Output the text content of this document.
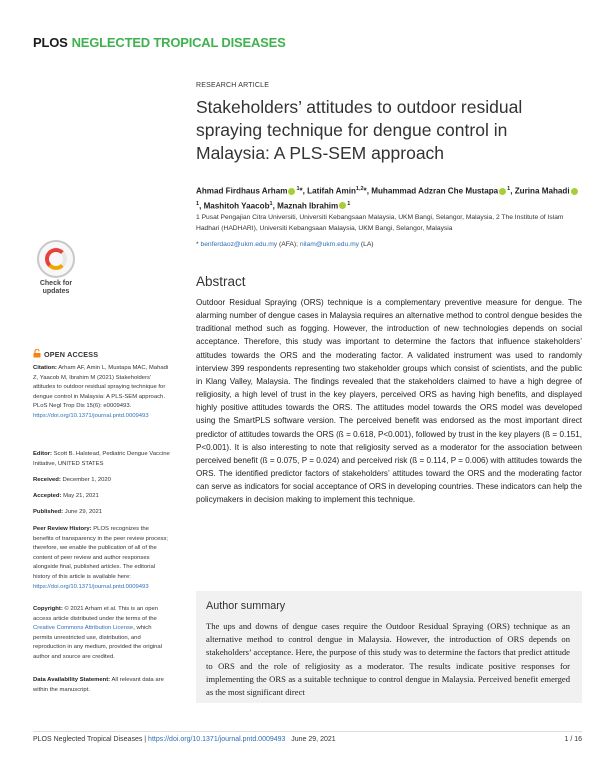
PLOS NEGLECTED TROPICAL DISEASES
RESEARCH ARTICLE
Stakeholders’ attitudes to outdoor residual spraying technique for dengue control in Malaysia: A PLS-SEM approach
Ahmad Firdhaus Arham $^1$*, Latifah Amin$^{1,2}$*, Muhammad Adzran Che Mustapa $^1$, Zurina Mahadi$^1$, Mashitoh Yaacob$^1$, Maznah Ibrahim $^1$
1 Pusat Pengajian Citra Universiti, Universiti Kebangsaan Malaysia, UKM Bangi, Selangor, Malaysia, 2 The Institute of Islam Hadhari (HADHARI), Universiti Kebangsaan Malaysia, UKM Bangi, Selangor, Malaysia
* benferdaoz@ukm.edu.my (AFA); nilam@ukm.edu.my (LA)
Check for updates
OPEN ACCESS
Citation: Arham AF, Amin L, Mustapa MAC, Mahadi Z, Yaacob M, Ibrahim M (2021) Stakeholders’ attitudes to outdoor residual spraying technique for dengue control in Malaysia: A PLS-SEM approach. PLoS Negl Trop Dis 15(6): e0009493. https://doi.org/10.1371/journal.pntd.0009493
Editor: Scott B. Halstead, Pediatric Dengue Vaccine Initiative, UNITED STATES
Received: December 1, 2020
Accepted: May 21, 2021
Published: June 29, 2021
Peer Review History: PLOS recognizes the benefits of transparency in the peer review process; therefore, we enable the publication of all of the content of peer review and author responses alongside final, published articles. The editorial history of this article is available here: https://doi.org/10.1371/journal.pntd.0009493
Copyright: © 2021 Arham et al. This is an open access article distributed under the terms of the Creative Commons Attribution License, which permits unrestricted use, distribution, and reproduction in any medium, provided the original author and source are credited.
Data Availability Statement: All relevant data are within the manuscript.
Abstract
Outdoor Residual Spraying (ORS) technique is a complementary preventive measure for dengue. The alarming number of dengue cases in Malaysia requires an alternative method to control dengue besides the traditional method such as fogging. However, the introduction of new technologies depends on social acceptance. Therefore, this study was important to determine the factors that influence stakeholders’ attitudes towards the ORS and the moderating factor. A validated instrument was used to randomly interview 399 respondents representing two stakeholder groups which consist of scientists, and the public in Klang Valley, Malaysia. The findings revealed that the stakeholders claimed to have a high degree of religiosity, a high level of trust in the key players, perceived ORS as having high benefits, and displayed highly positive attitudes towards the ORS. The attitudes model towards the ORS model was developed using the SmartPLS software version. The perceived benefit was endorsed as the most important direct predictor of attitudes towards the ORS (ß = 0.618, P<0.001), followed by trust in the key players (ß = 0.151, P<0.001). It is also interesting to note that religiosity served as a moderator for the association between perceived benefit (ß = 0.075, P = 0.024) and perceived risk (ß = 0.114, P = 0.006) with attitudes towards the ORS. The identified predictor factors of stakeholders’ attitudes toward the ORS and the moderating factor can serve as indicators for social acceptance of ORS in developing countries. These indicators can help the policymakers in decision making to implement this technique.
Author summary
The ups and downs of dengue cases require the Outdoor Residual Spraying (ORS) technique as an alternative method to control dengue in Malaysia. However, the introduction of ORS depends on stakeholders’ acceptance. Here, the purpose of this study was to determine the factors that predict attitude to ORS and the role of religiosity as a moderator. The results indicate positive responses for implementing the ORS as a suitable technique to control dengue in Malaysia. Perceived benefit emerged as the most significant direct
PLOS Neglected Tropical Diseases | https://doi.org/10.1371/journal.pntd.0009493   June 29, 2021	1 / 16
